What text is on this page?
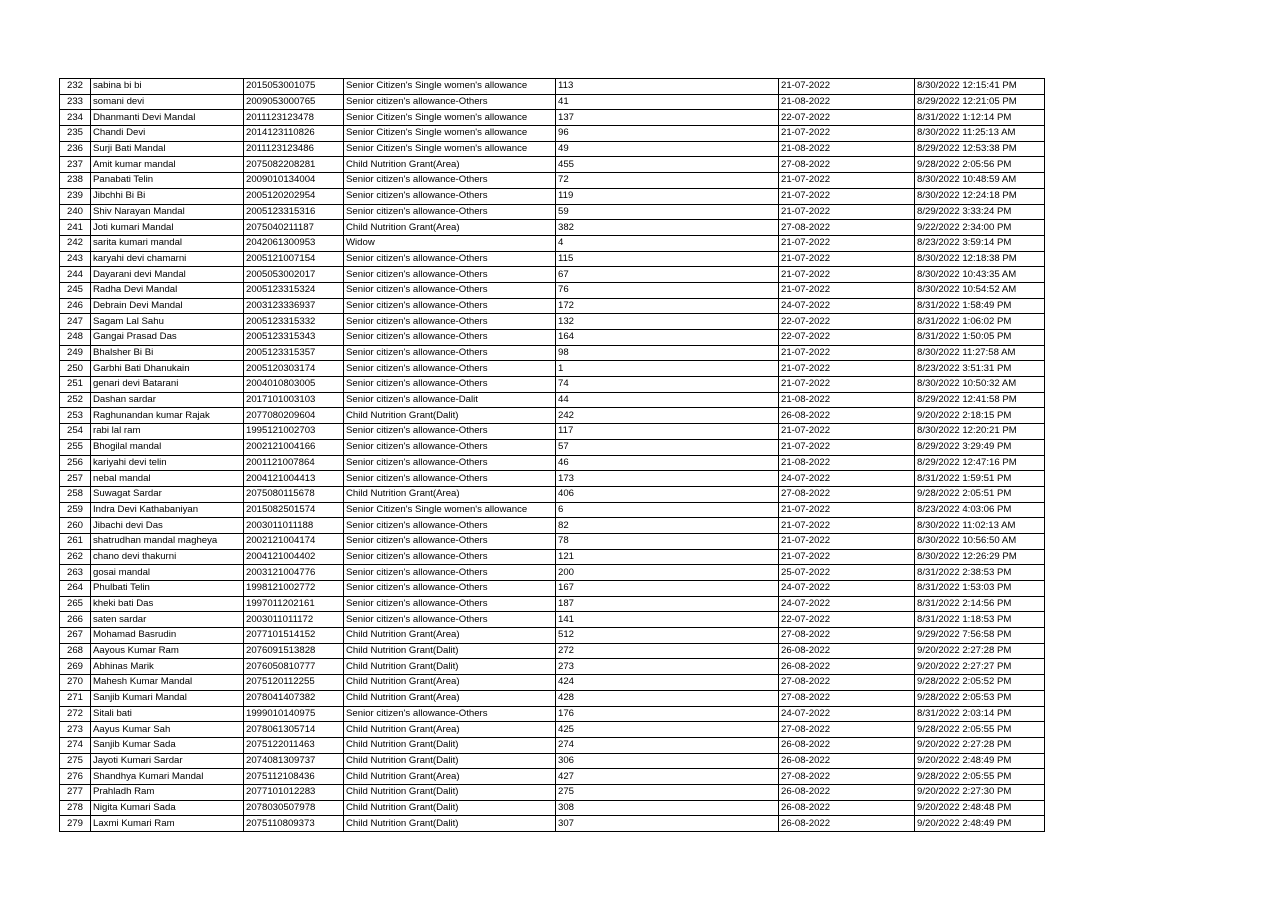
232	sabina bi bi	2015053001075	Senior Citizen's Single women's allowance	113	21-07-2022	8/30/2022 12:15:41 PM
233	somani devi	2009053000765	Senior citizen's allowance-Others	41	21-08-2022	8/29/2022 12:21:05 PM
234	Dhanmanti Devi Mandal	2011123123478	Senior Citizen's Single women's allowance	137	22-07-2022	8/31/2022 1:12:14 PM
235	Chandi Devi	2014123110826	Senior Citizen's Single women's allowance	96	21-07-2022	8/30/2022 11:25:13 AM
236	Surji Bati Mandal	2011123123486	Senior Citizen's Single women's allowance	49	21-08-2022	8/29/2022 12:53:38 PM
237	Amit kumar mandal	2075082208281	Child Nutrition Grant(Area)	455	27-08-2022	9/28/2022 2:05:56 PM
238	Panabati Telin	2009010134004	Senior citizen's allowance-Others	72	21-07-2022	8/30/2022 10:48:59 AM
239	Jibchhi Bi Bi	2005120202954	Senior citizen's allowance-Others	119	21-07-2022	8/30/2022 12:24:18 PM
240	Shiv Narayan Mandal	2005123315316	Senior citizen's allowance-Others	59	21-07-2022	8/29/2022 3:33:24 PM
241	Joti kumari Mandal	2075040211187	Child Nutrition Grant(Area)	382	27-08-2022	9/22/2022 2:34:00 PM
242	sarita kumari mandal	2042061300953	Widow	4	21-07-2022	8/23/2022 3:59:14 PM
243	karyahi devi chamarni	2005121007154	Senior citizen's allowance-Others	115	21-07-2022	8/30/2022 12:18:38 PM
244	Dayarani devi Mandal	2005053002017	Senior citizen's allowance-Others	67	21-07-2022	8/30/2022 10:43:35 AM
245	Radha Devi Mandal	2005123315324	Senior citizen's allowance-Others	76	21-07-2022	8/30/2022 10:54:52 AM
246	Debrain Devi Mandal	2003123336937	Senior citizen's allowance-Others	172	24-07-2022	8/31/2022 1:58:49 PM
247	Sagam Lal Sahu	2005123315332	Senior citizen's allowance-Others	132	22-07-2022	8/31/2022 1:06:02 PM
248	Gangai Prasad Das	2005123315343	Senior citizen's allowance-Others	164	22-07-2022	8/31/2022 1:50:05 PM
249	Bhalsher Bi Bi	2005123315357	Senior citizen's allowance-Others	98	21-07-2022	8/30/2022 11:27:58 AM
250	Garbhi Bati Dhanukain	2005120303174	Senior citizen's allowance-Others	1	21-07-2022	8/23/2022 3:51:31 PM
251	genari devi Batarani	2004010803005	Senior citizen's allowance-Others	74	21-07-2022	8/30/2022 10:50:32 AM
252	Dashan sardar	2017101003103	Senior citizen's allowance-Dalit	44	21-08-2022	8/29/2022 12:41:58 PM
253	Raghunandan kumar Rajak	2077080209604	Child Nutrition Grant(Dalit)	242	26-08-2022	9/20/2022 2:18:15 PM
254	rabi lal ram	1995121002703	Senior citizen's allowance-Others	117	21-07-2022	8/30/2022 12:20:21 PM
255	Bhogilal mandal	2002121004166	Senior citizen's allowance-Others	57	21-07-2022	8/29/2022 3:29:49 PM
256	kariyahi devi telin	2001121007864	Senior citizen's allowance-Others	46	21-08-2022	8/29/2022 12:47:16 PM
257	nebal mandal	2004121004413	Senior citizen's allowance-Others	173	24-07-2022	8/31/2022 1:59:51 PM
258	Suwagat Sardar	2075080115678	Child Nutrition Grant(Area)	406	27-08-2022	9/28/2022 2:05:51 PM
259	Indra Devi Kathabaniyan	2015082501574	Senior Citizen's Single women's allowance	6	21-07-2022	8/23/2022 4:03:06 PM
260	Jibachi devi Das	2003011011188	Senior citizen's allowance-Others	82	21-07-2022	8/30/2022 11:02:13 AM
261	shatrudhan mandal magheya	2002121004174	Senior citizen's allowance-Others	78	21-07-2022	8/30/2022 10:56:50 AM
262	chano devi thakurni	2004121004402	Senior citizen's allowance-Others	121	21-07-2022	8/30/2022 12:26:29 PM
263	gosai mandal	2003121004776	Senior citizen's allowance-Others	200	25-07-2022	8/31/2022 2:38:53 PM
264	Phulbati Telin	1998121002772	Senior citizen's allowance-Others	167	24-07-2022	8/31/2022 1:53:03 PM
265	kheki bati Das	1997011202161	Senior citizen's allowance-Others	187	24-07-2022	8/31/2022 2:14:56 PM
266	saten sardar	2003011011172	Senior citizen's allowance-Others	141	22-07-2022	8/31/2022 1:18:53 PM
267	Mohamad Basrudin	2077101514152	Child Nutrition Grant(Area)	512	27-08-2022	9/29/2022 7:56:58 PM
268	Aayous Kumar Ram	2076091513828	Child Nutrition Grant(Dalit)	272	26-08-2022	9/20/2022 2:27:28 PM
269	Abhinas Marik	2076050810777	Child Nutrition Grant(Dalit)	273	26-08-2022	9/20/2022 2:27:27 PM
270	Mahesh Kumar Mandal	2075120112255	Child Nutrition Grant(Area)	424	27-08-2022	9/28/2022 2:05:52 PM
271	Sanjib Kumari Mandal	2078041407382	Child Nutrition Grant(Area)	428	27-08-2022	9/28/2022 2:05:53 PM
272	Sitali bati	1999010140975	Senior citizen's allowance-Others	176	24-07-2022	8/31/2022 2:03:14 PM
273	Aayus Kumar Sah	2078061305714	Child Nutrition Grant(Area)	425	27-08-2022	9/28/2022 2:05:55 PM
274	Sanjib Kumar Sada	2075122011463	Child Nutrition Grant(Dalit)	274	26-08-2022	9/20/2022 2:27:28 PM
275	Jayoti Kumari Sardar	2074081309737	Child Nutrition Grant(Dalit)	306	26-08-2022	9/20/2022 2:48:49 PM
276	Shandhya Kumari Mandal	2075112108436	Child Nutrition Grant(Area)	427	27-08-2022	9/28/2022 2:05:55 PM
277	Prahladh Ram	2077101012283	Child Nutrition Grant(Dalit)	275	26-08-2022	9/20/2022 2:27:30 PM
278	Nigita Kumari Sada	2078030507978	Child Nutrition Grant(Dalit)	308	26-08-2022	9/20/2022 2:48:48 PM
279	Laxmi Kumari Ram	2075110809373	Child Nutrition Grant(Dalit)	307	26-08-2022	9/20/2022 2:48:49 PM
